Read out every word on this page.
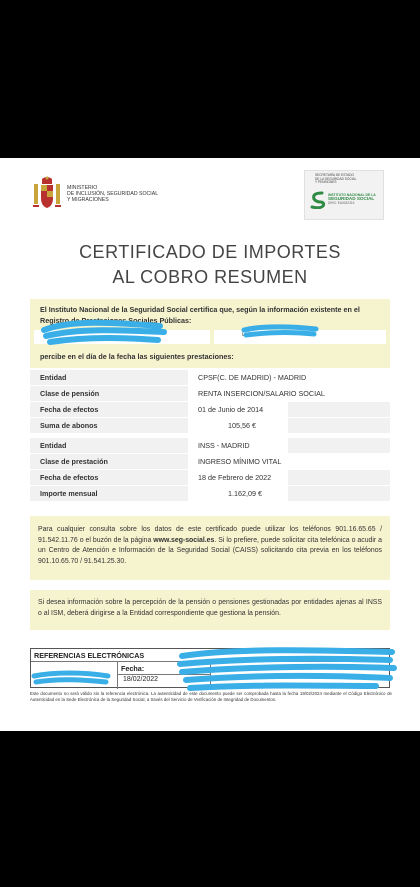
MINISTERIO
DE INCLUSIÓN, SEGURIDAD SOCIAL
Y MIGRACIONES
SECRETARÍA DE ESTADO
DE LA SEGURIDAD SOCIAL
Y PENSIONES
INSTITUTO NACIONAL DE LA
SEGURIDAD SOCIAL
DIRG: EA0042315
CERTIFICADO DE IMPORTES
AL COBRO RESUMEN
El Instituto Nacional de la Seguridad Social certifica que, según la información existente en el Registro de Prestaciones Sociales Públicas:
Lvi
percibe en el día de la fecha las siguientes prestaciones:
Entidad	CPSF(C. DE MADRID) - MADRID
Clase de pensión	RENTA INSERCION/SALARIO SOCIAL
Fecha de efectos	01 de Junio de 2014
Suma de abonos	105,56 €
Entidad	INSS - MADRID
Clase de prestación	INGRESO MÍNIMO VITAL
Fecha de efectos	18 de Febrero de 2022
Importe mensual	1.162,09 €
Para cualquier consulta sobre los datos de este certificado puede utilizar los teléfonos 901.16.65.65 / 91.542.11.76 o el buzón de la página www.seg-social.es. Si lo prefiere, puede solicitar cita telefónica o acudir a un Centro de Atención e Información de la Seguridad Social (CAISS) solicitando cita previa en los teléfonos 901.10.65.70 / 91.541.25.30.
Si desea información sobre la percepción de la pensión o pensiones gestionadas por entidades ajenas al INSS o al ISM, deberá dirigirse a la Entidad correspondiente que gestiona la pensión.
REFERENCIAS ELECTRÓNICAS
Fecha:
18/02/2022
Este documento no será válido sin la referencia electrónica. La autenticidad de este documento puede ser comprobada hasta la fecha 19/02/2024 mediante el Código Electrónico de Autenticidad en la Sede Electrónica de la Seguridad Social, a través del Servicio de Verificación de Integridad de Documentos.
